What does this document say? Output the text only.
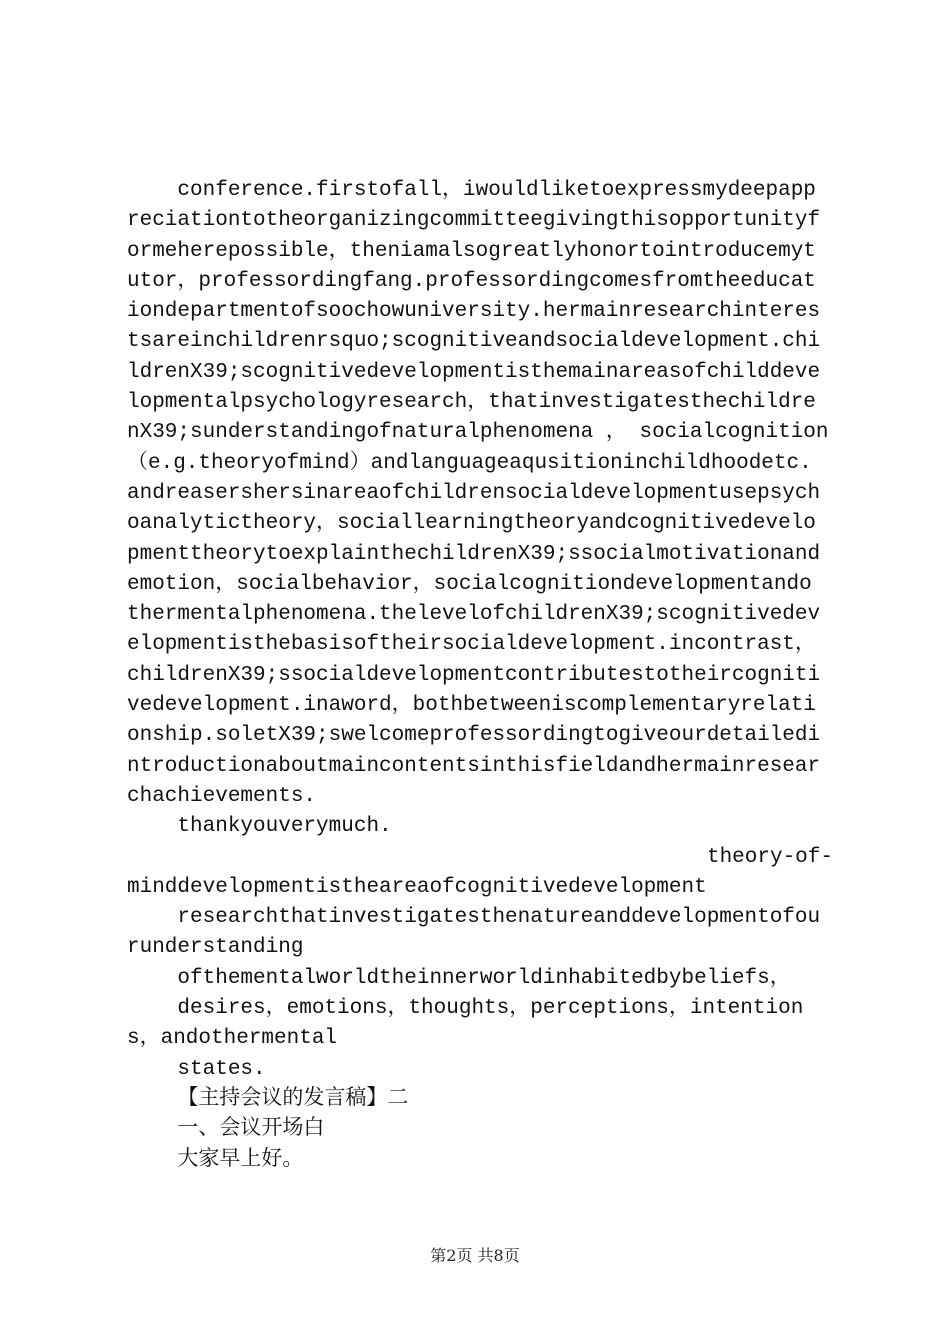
conference.firstofall，iwouldliketoexpressmydeepapp
reciationtotheorganizingcommitteegivingthisopportunityf
ormeherepossible，theniamalsogreatlyhonortointroducemyt
utor，professordingfang.professordingcomesfromtheeducat
iondepartmentofsoochowuniversity.hermainresearchinteres
tsareinchildrenrsquo;scognitiveandsocialdevelopment.chi
ldrenX39;scognitivedevelopmentisthemainareasofchilddeve
lopmentalpsychologyresearch，thatinvestigatesthechildre
nX39;sunderstandingofnaturalphenomena ， socialcognition
（e.g.theoryofmind）andlanguageaqusitioninchildhoodetc.
andreasershersinareaofchildrensocialdevelopmentusepsych
oanalytictheory，sociallearningtheoryandcognitivedevelo
pmenttheorytoexplainthechildrenX39;ssocialmotivationand
emotion，socialbehavior，socialcognitiondevelopmentando
thermentalphenomena.thelevelofchildrenX39;scognitivedev
elopmentisthebasisoftheirsocialdevelopment.incontrast，
childrenX39;ssocialdevelopmentcontributestotheircogniti
vedevelopment.inaword，bothbetweeniscomplementaryrelati
onship.soletX39;swelcomeprofessordingtogiveourdetailedi
ntroductionaboutmaincontentsinthisfieldandhermainresear
chachievements.
thankyouverymuch.
theory-of-
minddevelopmentistheareaofcognitivedevelopment
researchthatinvestigatesthenatureanddevelopmentofou
runderstanding
ofthementalworldtheinnerworldinhabitedbybeliefs，
desires，emotions，thoughts，perceptions，intention
s，andothermental
states.
【主持会议的发言稿】二
一、会议开场白
大家早上好。
第2页 共8页
